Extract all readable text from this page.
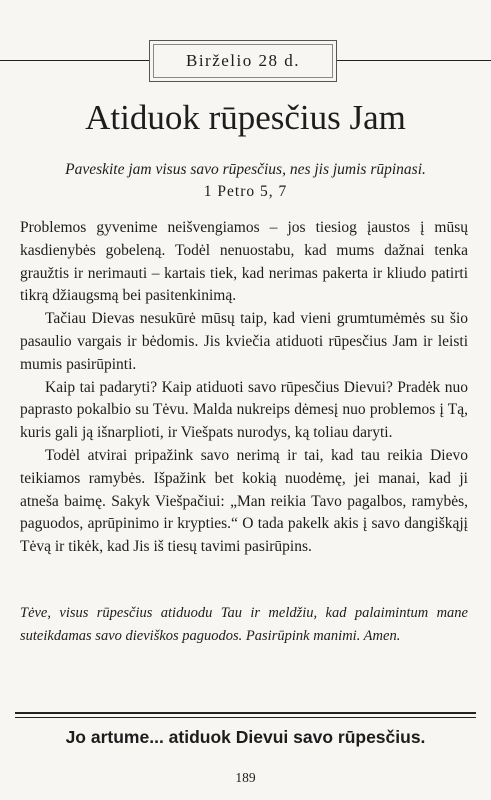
Birželio 28 d.
Atiduok rūpesčius Jam
Paveskite jam visus savo rūpesčius, nes jis jumis rūpinasi.
1 Petro 5, 7

Problemos gyvenime neišvengiamos – jos tiesiog įaustos į mūsų kasdienybės gobeleną. Todėl nenuostabu, kad mums dažnai tenka graužtis ir nerimauti – kartais tiek, kad nerimas pakerta ir kliudo patirti tikrą džiaugsmą bei pasitenkinimą.

Tačiau Dievas nesukūrė mūsų taip, kad vieni grumtumėmės su šio pasaulio vargais ir bėdomis. Jis kviečia atiduoti rūpesčius Jam ir leisti mumis pasirūpinti.

Kaip tai padaryti? Kaip atiduoti savo rūpesčius Dievui? Pradėk nuo paprasto pokalbio su Tėvu. Malda nukreips dėmesį nuo problemos į Tą, kuris gali ją išnarplioti, ir Viešpats nurodys, ką toliau daryti.

Todėl atvirai pripažink savo nerimą ir tai, kad tau reikia Dievo teikiamos ramybės. Išpažink bet kokią nuodėmę, jei manai, kad ji atneša baimę. Sakyk Viešpačiui: „Man reikia Tavo pagalbos, ramybės, paguodos, aprūpinimo ir krypties.“ O tada pakelk akis į savo dangiškąjį Tėvą ir tikėk, kad Jis iš tiesų tavimi pasirūpins.

Tėve, visus rūpesčius atiduodu Tau ir meldžiu, kad palaimintum mane suteikdamas savo dieviškos paguodos. Pasirūpink manimi. Amen.
Jo artume... atiduok Dievui savo rūpesčius.
189
